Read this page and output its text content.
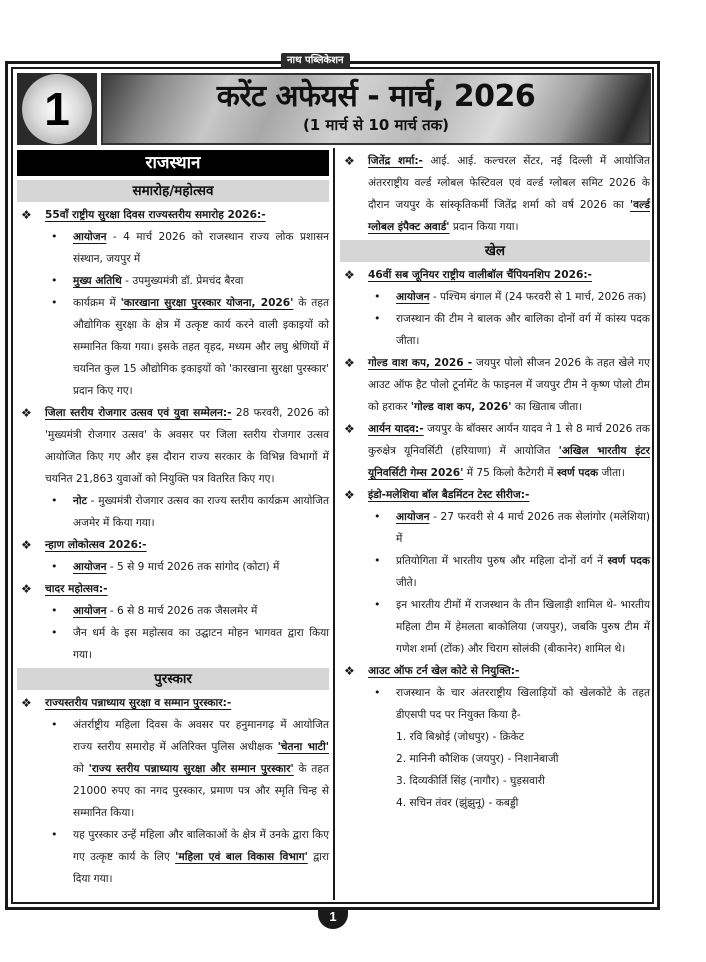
नाथ पब्लिकेशन
1	करेंट अफेयर्स - मार्च, 2026
(1 मार्च से 10 मार्च तक)
राजस्थान
समारोह/महोत्सव
❖ 55वाँ राष्ट्रीय सुरक्षा दिवस राज्यस्तरीय समारोह 2026:-
• आयोजन - 4 मार्च 2026 को राजस्थान राज्य लोक प्रशासन संस्थान, जयपुर में
• मुख्य अतिथि - उपमुख्यमंत्री डॉ. प्रेमचंद बैरवा
• कार्यक्रम में 'कारखाना सुरक्षा पुरस्कार योजना, 2026' के तहत औद्योगिक सुरक्षा के क्षेत्र में उत्कृष्ट कार्य करने वाली इकाइयों को सम्मानित किया गया। इसके तहत वृहद, मध्यम और लघु श्रेणियों में चयनित कुल 15 औद्योगिक इकाइयों को 'कारखाना सुरक्षा पुरस्कार' प्रदान किए गए।
❖ जिला स्तरीय रोजगार उत्सव एवं युवा सम्मेलन:- 28 फरवरी, 2026 को 'मुख्यमंत्री रोजगार उत्सव' के अवसर पर जिला स्तरीय रोजगार उत्सव आयोजित किए गए और इस दौरान राज्य सरकार के विभिन्न विभागों में चयनित 21,863 युवाओं को नियुक्ति पत्र वितरित किए गए।
• नोट - मुख्यमंत्री रोजगार उत्सव का राज्य स्तरीय कार्यक्रम आयोजित अजमेर में किया गया।
❖ न्हाण लोकोत्सव 2026:-
• आयोजन - 5 से 9 मार्च 2026 तक सांगोद (कोटा) में
❖ चादर महोत्सव:-
• आयोजन - 6 से 8 मार्च 2026 तक जैसलमेर में
• जैन धर्म के इस महोत्सव का उद्घाटन मोहन भागवत द्वारा किया गया।
पुरस्कार
❖ राज्यस्तरीय पन्नाध्याय सुरक्षा व सम्मान पुरस्कार:-
• अंतर्राष्ट्रीय महिला दिवस के अवसर पर हनुमानगढ़ में आयोजित राज्य स्तरीय समारोह में अतिरिक्त पुलिस अधीक्षक 'चेतना भाटी' को 'राज्य स्तरीय पन्नाध्याय सुरक्षा और सम्मान पुरस्कार' के तहत 21000 रुपए का नगद पुरस्कार, प्रमाण पत्र और स्मृति चिन्ह से सम्मानित किया।
• यह पुरस्कार उन्हें महिला और बालिकाओं के क्षेत्र में उनके द्वारा किए गए उत्कृष्ट कार्य के लिए 'महिला एवं बाल विकास विभाग' द्वारा दिया गया।
❖ जितेंद्र शर्मा:- आई. आई. कल्चरल सेंटर, नई दिल्ली में आयोजित अंतरराष्ट्रीय वर्ल्ड ग्लोबल फेस्टिवल एवं वर्ल्ड ग्लोबल समिट 2026 के दौरान जयपुर के सांस्कृतिकर्मी जितेंद्र शर्मा को वर्ष 2026 का 'वर्ल्ड ग्लोबल इंपैक्ट अवार्ड' प्रदान किया गया।
खेल
❖ 46वीं सब जूनियर राष्ट्रीय वालीबॉल चैंपियनशिप 2026:-
• आयोजन - पश्चिम बंगाल में (24 फरवरी से 1 मार्च, 2026 तक)
• राजस्थान की टीम ने बालक और बालिका दोनों वर्ग में कांस्य पदक जीता।
❖ गोल्ड वाश कप, 2026 - जयपुर पोलो सीजन 2026 के तहत खेले गए आउट ऑफ हैट पोलो टूर्नामेंट के फाइनल में जयपुर टीम ने कृष्ण पोलो टीम को हराकर 'गोल्ड वाश कप, 2026' का खिताब जीता।
❖ आर्यन यादव:- जयपुर के बॉक्सर आर्यन यादव ने 1 से 8 मार्च 2026 तक कुरुक्षेत्र यूनिवर्सिटी (हरियाणा) में आयोजित 'अखिल भारतीय इंटर यूनिवर्सिटी गेम्स 2026' में 75 किलो कैटेगरी में स्वर्ण पदक जीता।
❖ इंडो-मलेशिया बॉल बैडमिंटन टेस्ट सीरीज:-
• आयोजन - 27 फरवरी से 4 मार्च 2026 तक सेलांगोर (मलेशिया) में
• प्रतियोगिता में भारतीय पुरुष और महिला दोनों वर्ग नें स्वर्ण पदक जीते।
• इन भारतीय टीमों में राजस्थान के तीन खिलाड़ी शामिल थे- भारतीय महिला टीम में हेमलता बाकोलिया (जयपुर), जबकि पुरुष टीम में गणेश शर्मा (टोंक) और चिराग सोलंकी (बीकानेर) शामिल थे।
❖ आउट ऑफ टर्न खेल कोटे से नियुक्ति:-
• राजस्थान के चार अंतरराष्ट्रीय खिलाड़ियों को खेलकोटे के तहत डीएसपी पद पर नियुक्त किया है-
1. रवि बिश्नोई (जोधपुर) - क्रिकेट
2. मानिनी कौशिक (जयपुर) - निशानेबाजी
3. दिव्यकीर्ति सिंह (नागौर) - घुड़सवारी
4. सचिन तंवर (झुंझुनू) - कबड्डी
1
